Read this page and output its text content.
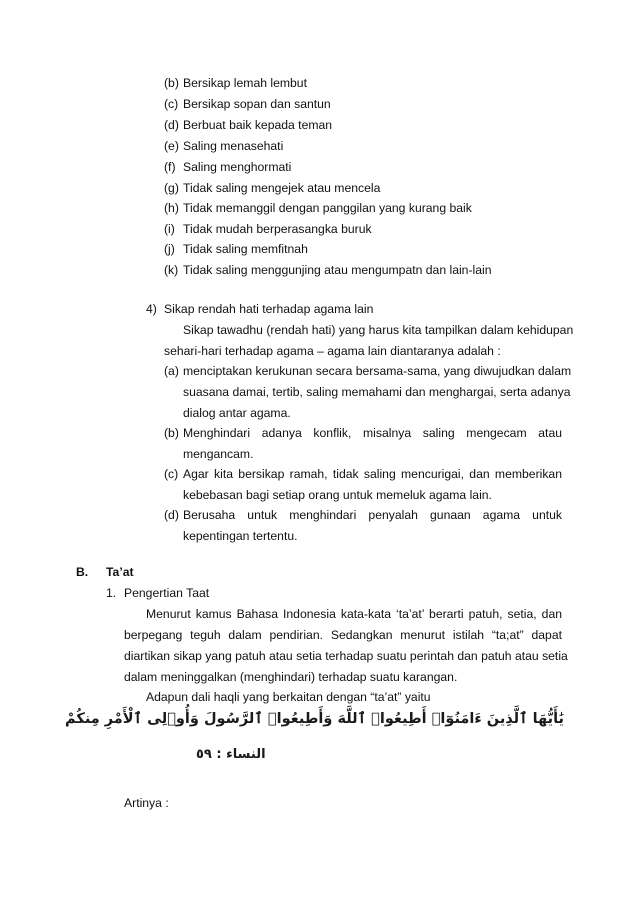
(b) Bersikap lemah lembut
(c) Bersikap sopan dan santun
(d) Berbuat baik kepada teman
(e) Saling menasehati
(f) Saling menghormati
(g) Tidak saling mengejek atau mencela
(h) Tidak memanggil dengan panggilan yang kurang baik
(i) Tidak mudah berperasangka buruk
(j) Tidak saling memfitnah
(k) Tidak saling menggunjing atau mengumpatn dan lain-lain
4) Sikap rendah hati terhadap agama lain
Sikap tawadhu (rendah hati) yang harus kita tampilkan dalam kehidupan
sehari-hari terhadap agama – agama lain diantaranya adalah :
(a) menciptakan kerukunan secara bersama-sama, yang diwujudkan dalam
suasana damai, tertib, saling memahami dan menghargai, serta adanya
dialog antar agama.
(b) Menghindari adanya konflik, misalnya saling mengecam atau
mengancam.
(c) Agar kita bersikap ramah, tidak saling mencurigai, dan memberikan
kebebasan bagi setiap orang untuk memeluk agama lain.
(d) Berusaha untuk menghindari penyalah gunaan agama untuk
kepentingan tertentu.
B. Ta’at
1. Pengertian Taat
Menurut kamus Bahasa Indonesia kata-kata ‘ta’at’ berarti patuh, setia, dan
berpegang teguh dalam pendirian. Sedangkan menurut istilah “ta;at” dapat
diartikan sikap yang patuh atau setia terhadap suatu perintah dan patuh atau setia
dalam meninggalkan (menghindari) terhadap suatu karangan.
Adapun dali haqli yang berkaitan dengan “ta’at” yaitu
يَٰأَيُّهَا ٱلَّذِينَ ءَامَنُوٓا۟ أَطِيعُوا۟ ٱللَّهَ وَأَطِيعُوا۟ ٱلرَّسُولَ وَأُو۟لِى ٱلْأَمْرِ مِنكُمْ
النساء : ٥٩
Artinya :
